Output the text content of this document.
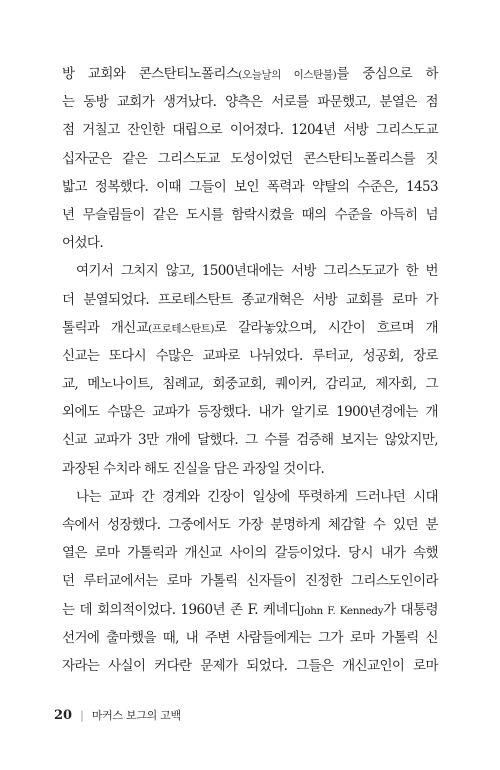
방 교회와 콘스탄티노폴리스(오늘날의 이스탄불)를 중심으로 하
는 동방 교회가 생겨났다. 양측은 서로를 파문했고, 분열은 점
점 거칠고 잔인한 대립으로 이어졌다. 1204년 서방 그리스도교
십자군은 같은 그리스도교 도성이었던 콘스탄티노폴리스를 짓
밟고 정복했다. 이때 그들이 보인 폭력과 약탈의 수준은, 1453
년 무슬림들이 같은 도시를 함락시켰을 때의 수준을 아득히 넘
어섰다.
여기서 그치지 않고, 1500년대에는 서방 그리스도교가 한 번
더 분열되었다. 프로테스탄트 종교개혁은 서방 교회를 로마 가
톨릭과 개신교(프로테스탄트)로 갈라놓았으며, 시간이 흐르며 개
신교는 또다시 수많은 교파로 나뉘었다. 루터교, 성공회, 장로
교, 메노나이트, 침례교, 회중교회, 퀘이커, 감리교, 제자회, 그
외에도 수많은 교파가 등장했다. 내가 알기로 1900년경에는 개
신교 교파가 3만 개에 달했다. 그 수를 검증해 보지는 않았지만,
과장된 수치라 해도 진실을 담은 과장일 것이다.
나는 교파 간 경계와 긴장이 일상에 뚜렷하게 드러나던 시대
속에서 성장했다. 그중에서도 가장 분명하게 체감할 수 있던 분
열은 로마 가톨릭과 개신교 사이의 갈등이었다. 당시 내가 속했
던 루터교에서는 로마 가톨릭 신자들이 진정한 그리스도인이라
는 데 회의적이었다. 1960년 존 F. 케네디John F. Kennedy가 대통령
선거에 출마했을 때, 내 주변 사람들에게는 그가 로마 가톨릭 신
자라는 사실이 커다란 문제가 되었다. 그들은 개신교인이 로마
20 | 마커스 보그의 고백
